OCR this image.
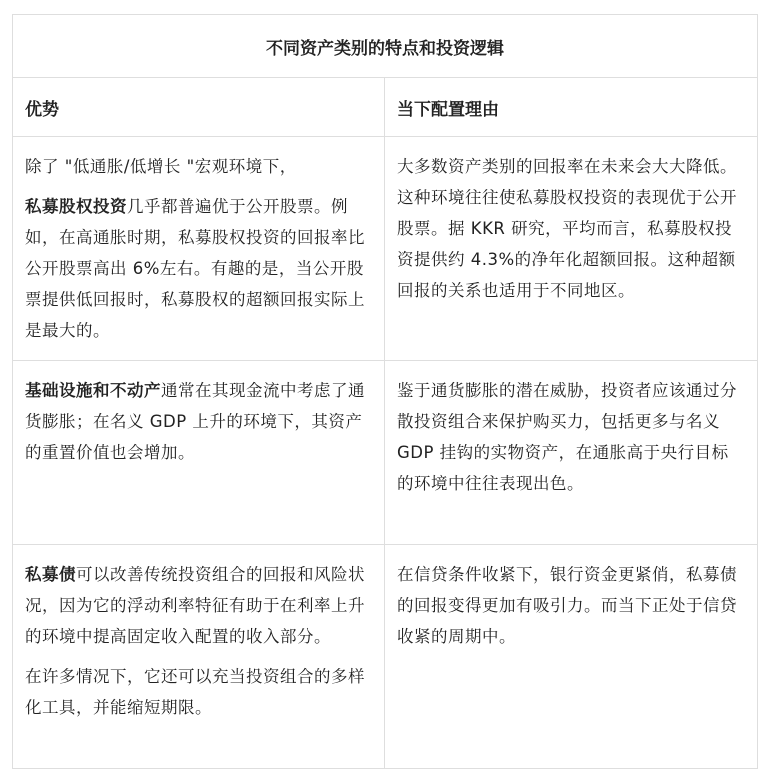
不同资产类别的特点和投资逻辑	
优势	当下配置理由

除了 "低通胀/低增长 "宏观环境下，

私募股权投资几乎都普遍优于公开股票。例如，在高通胀时期，私募股权投资的回报率比公开股票高出 6%左右。有趣的是，当公开股票提供低回报时，私募股权的超额回报实际上是最大的。	大多数资产类别的回报率在未来会大大降低。这种环境往往使私募股权投资的表现优于公开股票。据 KKR 研究，平均而言，私募股权投资提供约 4.3%的净年化超额回报。这种超额回报的关系也适用于不同地区。

基础设施和不动产通常在其现金流中考虑了通货膨胀；在名义 GDP 上升的环境下，其资产的重置价值也会增加。	鉴于通货膨胀的潜在威胁，投资者应该通过分散投资组合来保护购买力，包括更多与名义 GDP 挂钩的实物资产，在通胀高于央行目标的环境中往往表现出色。

私募债可以改善传统投资组合的回报和风险状况，因为它的浮动利率特征有助于在利率上升的环境中提高固定收入配置的收入部分。

在许多情况下，它还可以充当投资组合的多样化工具，并能缩短期限。	在信贷条件收紧下，银行资金更紧俏，私募债的回报变得更加有吸引力。而当下正处于信贷收紧的周期中。
